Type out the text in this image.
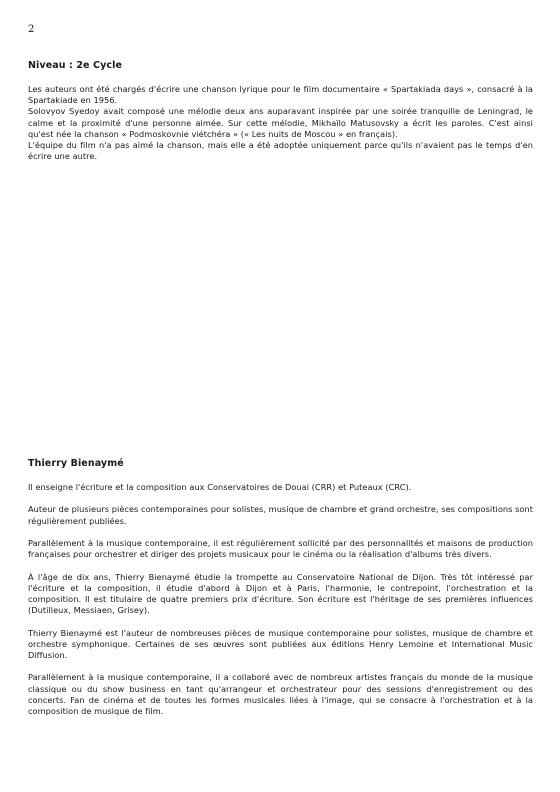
2
Niveau : 2e Cycle

Les auteurs ont été chargés d'écrire une chanson lyrique pour le film documentaire « Spartakiada days », consacré à la Spartakiade en 1956.

Solovyov Syedoy avait composé une mélodie deux ans auparavant inspirée par une soirée tranquille de Leningrad, le calme et la proximité d'une personne aimée. Sur cette mélodie, Mikhaïlo Matusovsky a écrit les paroles. C'est ainsi qu'est née la chanson « Podmoskovnie viétchéra » (« Les nuits de Moscou » en français).

L'équipe du film n'a pas aimé la chanson, mais elle a été adoptée uniquement parce qu'ils n'avaient pas le temps d'en écrire une autre.

Thierry Bienaymé

Il enseigne l'écriture et la composition aux Conservatoires de Douai (CRR) et Puteaux (CRC).

Auteur de plusieurs pièces contemporaines pour solistes, musique de chambre et grand orchestre, ses compositions sont régulièrement publiées.

Parallèlement à la musique contemporaine, il est régulièrement sollicité par des personnalités et maisons de production françaises pour orchestrer et diriger des projets musicaux pour le cinéma ou la réalisation d'albums très divers.

À l'âge de dix ans, Thierry Bienaymé étudie la trompette au Conservatoire National de Dijon. Très tôt intéressé par l'écriture et la composition, il étudie d'abord à Dijon et à Paris, l'harmonie, le contrepoint, l'orchestration et la composition. Il est titulaire de quatre premiers prix d'écriture. Son écriture est l'héritage de ses premières influences (Dutilleux, Messiaen, Grisey).

Thierry Bienaymé est l'auteur de nombreuses pièces de musique contemporaine pour solistes, musique de chambre et orchestre symphonique. Certaines de ses œuvres sont publiées aux éditions Henry Lemoine et International Music Diffusion.

Parallèlement à la musique contemporaine, il a collaboré avec de nombreux artistes français du monde de la musique classique ou du show business en tant qu'arrangeur et orchestrateur pour des sessions d'enregistrement ou des concerts. Fan de cinéma et de toutes les formes musicales liées à l'image, qui se consacre à l'orchestration et à la composition de musique de film.
